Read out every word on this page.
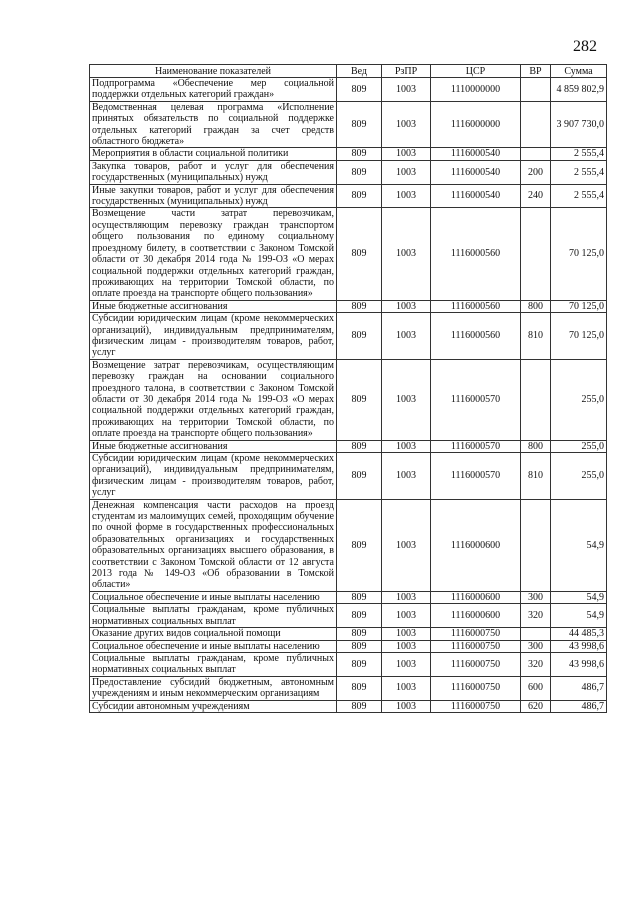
282
Наименование показателей	Вед	РзПР	ЦСР	ВР	Сумма
Подпрограмма «Обеспечение мер социальной поддержки отдельных категорий граждан»	809	1003	1110000000		4 859 802,9
Ведомственная целевая программа «Исполнение принятых обязательств по социальной поддержке отдельных категорий граждан за счет средств областного бюджета»	809	1003	1116000000		3 907 730,0
Мероприятия в области социальной политики	809	1003	1116000540		2 555,4
Закупка товаров, работ и услуг для обеспечения государственных (муниципальных) нужд	809	1003	1116000540	200	2 555,4
Иные закупки товаров, работ и услуг для обеспечения государственных (муниципальных) нужд	809	1003	1116000540	240	2 555,4
Возмещение части затрат перевозчикам, осуществляющим перевозку граждан транспортом общего пользования по единому социальному проездному билету, в соответствии с Законом Томской области от 30 декабря 2014 года № 199-ОЗ «О мерах социальной поддержки отдельных категорий граждан, проживающих на территории Томской области, по оплате проезда на транспорте общего пользования»	809	1003	1116000560		70 125,0
Иные бюджетные ассигнования	809	1003	1116000560	800	70 125,0
Субсидии юридическим лицам (кроме некоммерческих организаций), индивидуальным предпринимателям, физическим лицам - производителям товаров, работ, услуг	809	1003	1116000560	810	70 125,0
Возмещение затрат перевозчикам, осуществляющим перевозку граждан на основании социального проездного талона, в соответствии с Законом Томской области от 30 декабря 2014 года № 199-ОЗ «О мерах социальной поддержки отдельных категорий граждан, проживающих на территории Томской области, по оплате проезда на транспорте общего пользования»	809	1003	1116000570		255,0
Иные бюджетные ассигнования	809	1003	1116000570	800	255,0
Субсидии юридическим лицам (кроме некоммерческих организаций), индивидуальным предпринимателям, физическим лицам - производителям товаров, работ, услуг	809	1003	1116000570	810	255,0
Денежная компенсация части расходов на проезд студентам из малоимущих семей, проходящим обучение по очной форме в государственных профессиональных образовательных организациях и государственных образовательных организациях высшего образования, в соответствии с Законом Томской области от 12 августа 2013 года № 149-ОЗ «Об образовании в Томской области»	809	1003	1116000600		54,9
Социальное обеспечение и иные выплаты населению	809	1003	1116000600	300	54,9
Социальные выплаты гражданам, кроме публичных нормативных социальных выплат	809	1003	1116000600	320	54,9
Оказание других видов социальной помощи	809	1003	1116000750		44 485,3
Социальное обеспечение и иные выплаты населению	809	1003	1116000750	300	43 998,6
Социальные выплаты гражданам, кроме публичных нормативных социальных выплат	809	1003	1116000750	320	43 998,6
Предоставление субсидий бюджетным, автономным учреждениям и иным некоммерческим организациям	809	1003	1116000750	600	486,7
Субсидии автономным учреждениям	809	1003	1116000750	620	486,7
